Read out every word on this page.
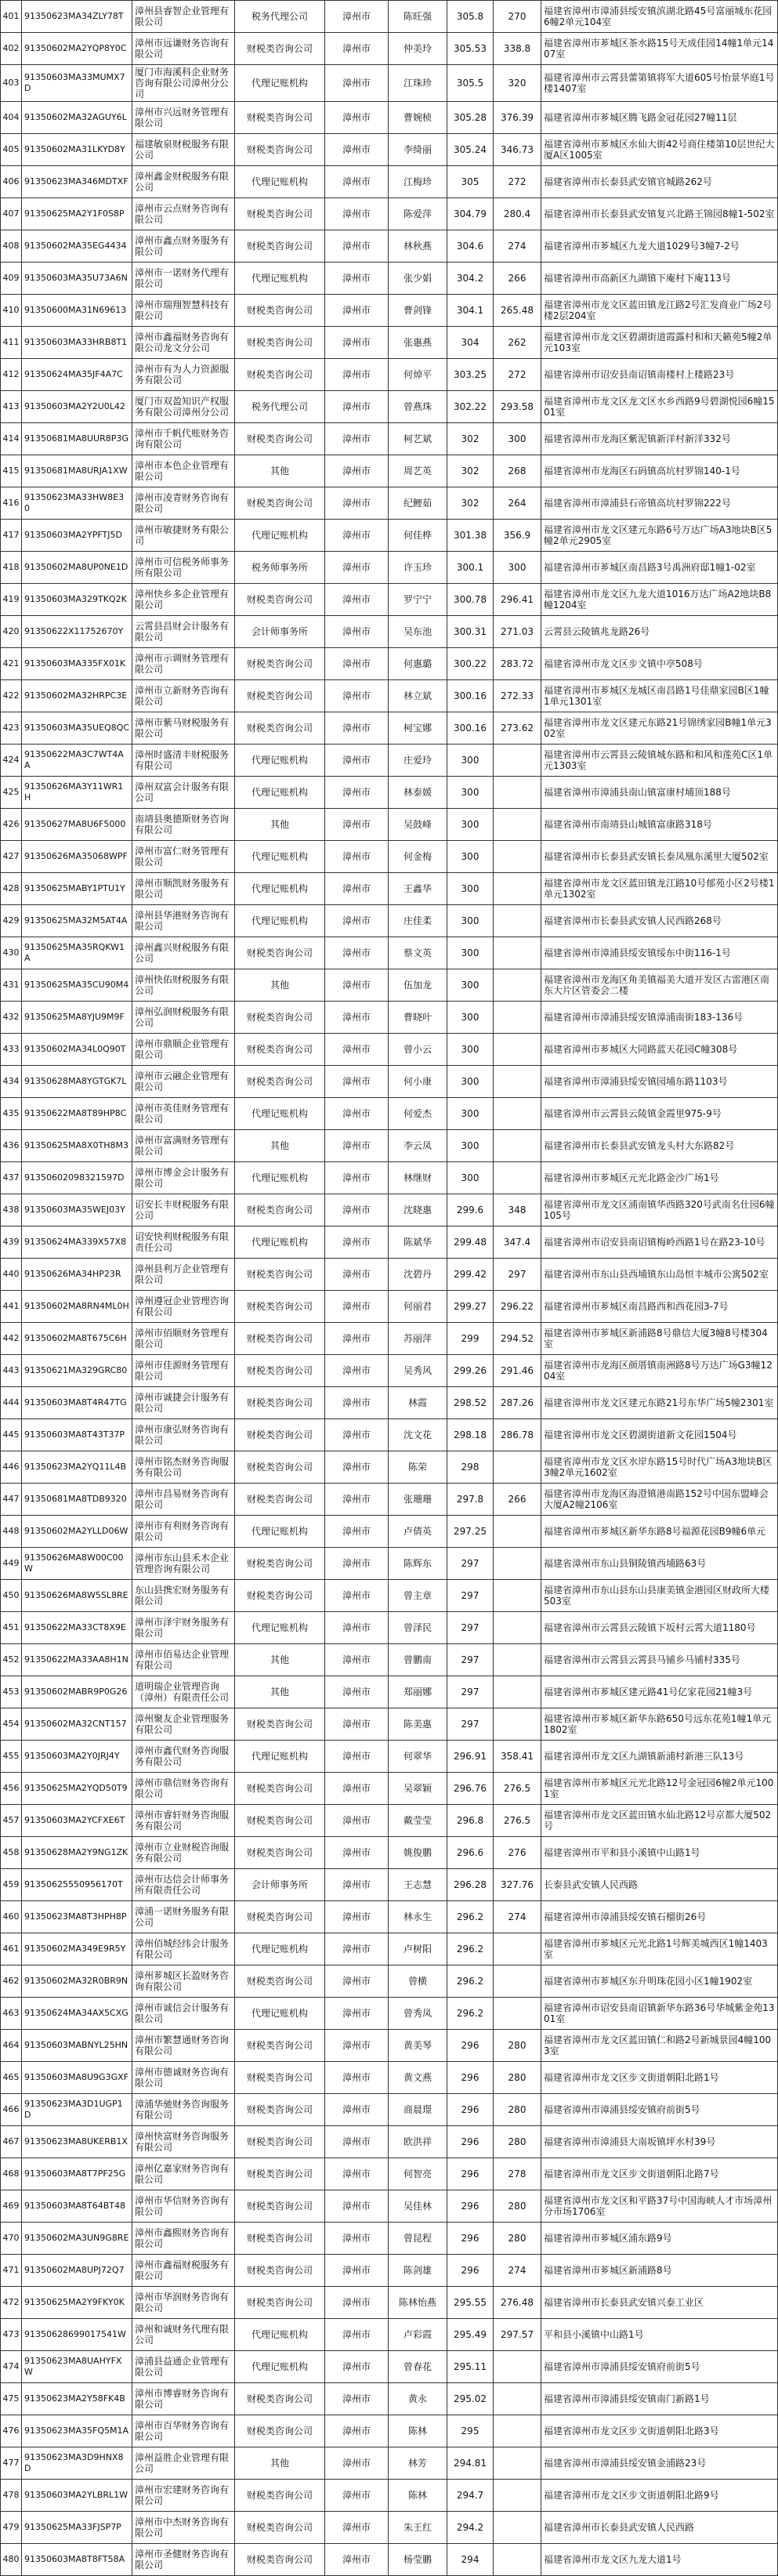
401	91350623MA34ZLY78T	漳州县睿智企业管理有限公司	税务代理公司	漳州市	陈旺强	305.8	270	福建省漳州市漳浦县绥安镇滨湖北路45号富丽城东花园6幢2单元104室
402	91350602MA2YQP8Y0C	漳州市远谦财务咨询有限公司	财税类咨询公司	漳州市	仲美玲	305.53	338.8	福建省漳州市芗城区茶水路15号天成佳园14幢1单元1407室
403	91350603MA33MUMX7D	厦门市海溪科企业财务咨询有限公司漳州分公司	代理记账机构	漳州市	江珠珍	305.5	320	福建省漳州市云霄县蕾第镇将军大道605号怡景华庭1号楼1407室
404	91350602MA32AGUY6L	漳州市兴远财务管理有限公司	财税类咨询公司	漳州市	曹婉桢	305.28	376.39	福建省漳州市芗城区腾飞路金冠花园27幢11层
405	91350602MA31LKYD8Y	福建敏泉财税服务有限公司	财税类咨询公司	漳州市	李绮丽	305.24	346.73	福建省漳州市芗城区水仙大街42号商住楼第10层世纪大厦A区1005室
406	91350623MA346MDTXF	漳州鑫金财税服务有限公司	代理记账机构	漳州市	江梅珍	305	272	福建省漳州市长泰县武安镇官城路262号
407	91350625MA2Y1F0S8P	漳州市云点财务咨询有限公司	财税类咨询公司	漳州市	陈爱萍	304.79	280.4	福建省漳州市长泰县武安镇复兴北路王锦园8幢1-502室
408	91350602MA35EG4434	漳州市鑫点财务服务有限公司	财税类咨询公司	漳州市	林秋燕	304.6	274	福建省漳州市芗城区九龙大道1029号3幢7-2号
409	91350603MA35U73A6N	漳州市一诺财务代理有限公司	代理记账机构	漳州市	张少娟	304.2	266	福建省漳州市高新区九湖镇下庵村下庵113号
410	91350600MA31N69613	漳州市瑞翔智慧科技有限公司	财税类咨询公司	漳州市	曹剑锋	304.1	265.48	福建省漳州市龙文区蓝田镇龙江路2号汇发商业广场2号楼2层204室
411	91350603MA33HRB8T1	漳州市鑫福财务咨询有限公司龙文分公司	财税类咨询公司	漳州市	张惠燕	304	262	福建省漳州市龙文区碧湖街道霞露村和和天籁苑5幢2单元103室
412	91350624MA35JF4A7C	漳州市有为人力资源服务有限公司	财税类咨询公司	漳州市	何焯平	303.25	272	福建省漳州市诏安县南诏镇南楼村上楼路23号
413	91350603MA2Y2U0L42	厦门市双盈知识产权服务有限公司漳州分公司	税务代理公司	漳州市	曾燕珠	302.22	293.58	福建省漳州市龙文区龙文区水乡西路9号碧湖悦园6幢1501室
414	91350681MA8UUR8P3G	漳州市千帆代账财务咨询有限公司	财税类咨询公司	漳州市	柯艺斌	302	300	福建省漳州市龙海区紫泥镇新洋村新洋332号
415	91350681MA8URJA1XW	漳州市本色企业管理有限公司	其他	漳州市	周艺英	302	268	福建省漳州市龙海区石码镇高坑村罗锦140-1号
416	91350623MA33HW8E30	漳州市凌青财务咨询有限公司	财税类咨询公司	漳州市	纪鲤茹	302	264	福建省漳州市漳浦县石帝镇高坑村罗锦222号
417	91350603MA2YPFTJ5D	漳州市敏捷财务有限公司	代理记账机构	漳州市	何佳桦	301.38	356.9	福建省漳州市龙文区建元东路6号万达广场A3地块B区5幢2单元2905室
418	91350602MA8UP0NE1D	漳州市可信税务师事务所有限公司	税务师事务所	漳州市	许玉珍	300.1	300	福建省漳州市芗城区南昌路3号禹洲府邸1幢1-02室
419	91350603MA329TKQ2K	漳州快乡多企业管理有限公司	财税类咨询公司	漳州市	罗宁宁	300.78	296.41	福建省漳州市龙文区九龙大道1016万达广场A2地块B8幢1204室
420	91350622X11752670Y	云霄县昌财会计服务有限公司	会计师事务所	漳州市	吴东池	300.31	271.03	云霄县云陵镇兆龙路26号
421	91350603MA335FX01K	漳州市示调财务管理有限公司	财税类咨询公司	漳州市	何惠璐	300.22	283.72	福建省漳州市龙文区步文镇中亭508号
422	91350602MA32HRPC3E	漳州市立新财务咨询有限公司	财税类咨询公司	漳州市	林立斌	300.16	272.33	福建省漳州市芗城区龙城区南昌路1号佳鼎家园B区1幢1单元1301室
423	91350603MA35UEQ8QC	漳州市紫马财税服务有限公司	财税类咨询公司	漳州市	柯宝娜	300.16	273.62	福建省漳州市龙文区建元东路21号锦绣家园B幢1单元302室
424	91350622MA3C7WT4AA	漳州时盛清丰财税服务有限公司	代理记账机构	漳州市	庄爱玲	300		福建省漳州市云霄县云陵镇城东路和和风和莲苑C区1单元1303室
425	91350626MA3Y11WR1H	漳州双富会计服务有限公司	代理记账机构	漳州市	林泰媛	300		福建省漳州市漳浦县南山镇富康村埔顶188号
426	91350627MA8U6F5000	南靖县奥德斯财务咨询有限公司	其他	漳州市	吴鼓峰	300		福建省漳州市南靖县山城镇富康路318号
427	91350626MA35068WPF	漳州市富仁财务管理有限公司	代理记账机构	漳州市	何金梅	300		福建省漳州市长泰县武安镇长泰凤凰东溪里大厦502室
428	91350625MABY1PTU1Y	漳州市顺凯财务服务有限公司	代理记账机构	漳州市	王鑫华	300		福建省漳州市龙文区蓝田镇龙江路10号郁苑小区2号楼1单元1302室
429	91350625MA32M5AT4A	漳州县华港财务咨询有限公司	代理记账机构	漳州市	庄佳柔	300		福建省漳州市长泰县武安镇人民西路268号
430	91350625MA35RQKW1A	漳州鑫兴财税服务有限公司	财税类咨询公司	漳州市	蔡文英	300		福建省漳州市漳浦县绥安镇绥东中街116-1号
431	91350625MA35CU90M4	漳州快佑财税服务有限公司	其他	漳州市	伍加龙	300		福建省漳州市龙海区角美镇福美大道开发区古雷港区南东大片区管委会二楼
432	91350625MA8YJU9M9F	漳州弘润财税服务有限公司	财税类咨询公司	漳州市	曹晓叶	300		福建省漳州市漳浦县绥安镇漳浦南街183-136号
433	91350602MA34L0Q90T	漳州市鼎顺企业管理有限公司	财税类咨询公司	漳州市	曾小云	300		福建省漳州市芗城区大同路蓝天花园C幢308号
434	91350628MA8YGTGK7L	漳州市云融企业管理有限公司	财税类咨询公司	漳州市	何小康	300		福建省漳州市漳浦县绥安镇园埔东路1103号
435	91350622MA8T89HP8C	漳州市英佳财务管理有限公司	代理记账机构	漳州市	何爱杰	300		福建省漳州市云霄县云陵镇金霞里975-9号
436	91350625MA8X0TH8M3	漳州市富满财务管理有限公司	其他	漳州市	李云凤	300		福建省漳州市长泰县武安镇龙头村大东路82号
437	91350602098321597D	漳州市博金会计服务有限公司	代理记账机构	漳州市	林继财	300		福建省漳州市芗城区元光北路金沙广场1号
438	91350603MA35WEJ03Y	诏安长丰财税服务有限公司	财税类咨询公司	漳州市	沈晓惠	299.6	348	福建省漳州市龙文区浦南镇华西路320号武南名仕园6幢105号
439	91350624MA339X57X8	诏安快利财税服务有限责任公司	代理记账机构	漳州市	陈斌华	299.48	347.4	福建省漳州市诏安县南诏镇梅岭西路1号在路23-10号
440	91350626MA34HP23R	漳州县利万企业管理有限公司	财税类咨询公司	漳州市	沈碧丹	299.42	297	福建省漳州市东山县西埔镇东山岛恒丰城市公寓502室
441	91350602MA8RN4ML0H	漳州遵冠企业管理咨询有限公司	财税类咨询公司	漳州市	何丽君	299.27	296.22	福建省漳州市芗城区南昌路西和西花园3-7号
442	91350602MA8T675C6H	漳州市佰顺财务管理有限公司	财税类咨询公司	漳州市	苏丽萍	299	294.52	福建省漳州市芗城区新浦路8号鼎信大厦3幢8号楼304室
443	91350621MA329GRC80	漳州市佳源财务管理有限公司	财税类咨询公司	漳州市	吴秀风	299.26	291.46	福建省漳州市龙海区颜厝镇南洲路8号万达广场G3幢1204室
444	91350603MA8T4R47TG	漳州市诚捷会计服务有限公司	财税类咨询公司	漳州市	林霞	298.52	287.26	福建省漳州市龙文区建元东路21号东华广场5幢2301室
445	91350603MA8T43T37P	漳州市康弘财务咨询有限公司	财税类咨询公司	漳州市	沈文花	298.18	286.78	福建省漳州市龙文区碧湖街道新文花园1504号
446	91350623MA2YQ11L4B	漳州市铭杰财务咨询服务有限公司	财税类咨询公司	漳州市	陈荣	298		福建省漳州市龙文区水岸东路15号时代广场A3地块B区3幢2单元1602室
447	91350681MA8TDB9320	漳州市昌易财务咨询有限公司	财税类咨询公司	漳州市	张珊珊	297.8	266	福建省漳州市龙海区海澄镇港南路152号中国东盟峰会大厦A2幢2106室
448	91350602MA2YLLD06W	漳州市有利财务咨询有限公司	代理记账机构	漳州市	卢倩英	297.25		福建省漳州市芗城区新华东路8号福源花园B9幢6单元
449	91350626MA8W00C00W	漳州市东山县禾木企业管理咨询有限公司	财税类咨询公司	漳州市	陈辉东	297		福建省漳州市东山县铜陵镇西埔路63号
450	91350626MA8W5SL8RE	东山县携宏财务服务有限公司	财税类咨询公司	漳州市	曾主章	297		福建省漳州市东山县东山县康美镇金港园区财政所大楼503室
451	91350622MA33CT8X9E	漳州市泽宇财务服务有限公司	代理记账机构	漳州市	曾泽民	297		福建省漳州市云霄县云陵镇下坂村云霄大道1180号
452	91350622MA33AA8H1N	漳州市佰易达企业管理有限公司	其他	漳州市	曾鹏南	297		福建省漳州市云霄县云霄县马铺乡马铺村335号
453	91350602MABR9P0G26	道明瑞企业管理咨询（漳州）有限责任公司	其他	漳州市	郑丽娜	297		福建省漳州市芗城区建元路41号亿家花园21幢3号
454	91350602MA32CNT157	漳州聚友企业管理服务有限公司	财税类咨询公司	漳州市	陈美惠	297		福建省漳州市芗城区新华东路650号远东花苑1幢1单元1802室
455	91350603MA2Y0JRJ4Y	漳州市鑫代财务咨询服务有限公司	代理记账机构	漳州市	何翠华	296.91	358.41	福建省漳州市龙文区九湖镇新浦村新港三队13号
456	91350625MA2YQD50T9	漳州市鼎信财务咨询有限公司	财税类咨询公司	漳州市	吴翠颖	296.76	276.5	福建省漳州市芗城区元光北路12号金冠园6幢2单元1001室
457	91350603MA2YCFXE6T	漳州市睿轩财务咨询服务有限公司	财税类咨询公司	漳州市	戴莹莹	296.8	276.5	福建省漳州市龙文区蓝田镇水仙北路12号京都大厦502号
458	91350628MA2Y9NG1ZK	漳州市立业财税咨询服务有限公司	财税类咨询公司	漳州市	姚俊鹏	296.6	276	福建省漳州市平和县小溪镇中山路1号
459	91350625550956170T	漳州市达信会计师事务所有限责任公司	会计师事务所	漳州市	王志慧	296.28	327.76	长泰县武安镇人民西路
460	91350623MA8T3HPH8P	漳浦一诺财务服务有限公司	财税类咨询公司	漳州市	林永生	296.2	274	福建省漳州市漳浦县绥安镇石榴街26号
461	91350602MA349E9R5Y	漳州佰城经纬会计服务有限公司	代理记账机构	漳州市	卢树阳	296.2		福建省漳州市芗城区元光北路1号辉美城西区1幢1403室
462	91350602MA32R0BR9N	漳州芗城区长盈财务咨询有限公司	财税类咨询公司	漳州市	曾横	296.2		福建省漳州市芗城区东升明珠花园小区1幢1902室
463	91350624MA34AX5CXG	漳州市诚信会计服务有限公司	代理记账机构	漳州市	曾秀凤	296.2		福建省漳州市诏安县南诏镇新华东路36号华城紫金苑1301室
464	91350603MABNYL25HN	漳州市繁慧通财务咨询有限公司	财税类咨询公司	漳州市	黄美琴	296	280	福建省漳州市龙文区蓝田镇仁和路2号新城景园4幢1003室
465	91350603MA8U9G3GXF	漳州市德诚财务咨询有限公司	财税类咨询公司	漳州市	黄文燕	296	280	福建省漳州市龙文区步文街道朝阳北路1号
466	91350623MA3D1UGP1D	漳浦华驰财务咨询服务有限公司	财税类咨询公司	漳州市	商晨璟	296	280	福建省漳州市漳浦县绥安镇府前街5号
467	91350623MA8UKERB1X	漳州快富财务咨询服务有限公司	财税类咨询公司	漳州市	欧洪祥	296	280	福建省漳州市漳浦县大南坂镇坪水村39号
468	91350603MA8T7PF25G	漳州亿嘉家财务咨询有限公司	财税类咨询公司	漳州市	何智亮	296	278	福建省漳州市龙文区步文街道朝阳北路7号
469	91350603MA8T64BT48	漳州市华信财务咨询有限公司	财税类咨询公司	漳州市	吴佳林	296	280	福建省漳州市龙文区和平路37号中国海峡人才市场漳州分市场1706室
470	91350602MA3UN9G8RE	漳州市鑫熙财务咨询有限公司	财税类咨询公司	漳州市	曾昆程	296	280	福建省漳州市芗城区浦东路9号
471	91350602MA8UPJ72Q7	漳州市鑫福财税服务有限公司	财税类咨询公司	漳州市	陈剑雄	296	274	福建省漳州市芗城区新浦路8号
472	91350625MA2Y9FKY0K	漳州市华润财务咨询有限公司	财税类咨询公司	漳州市	陈林怡燕	295.55	276.48	福建省漳州市长泰县武安镇兴泰工业区
473	91350628699017541W	漳州和诚财务代理有限公司	代理记账机构	漳州市	卢彩霞	295.49	297.57	平和县小溪镇中山路1号
474	91350623MA8UAHYFXW	漳浦县益通企业管理有限公司	代理记账机构	漳州市	曾春花	295.11		福建省漳州市漳浦县绥安镇府前街5号
475	91350623MA2Y58FK4B	漳州市博睿财务咨询有限公司	财税类咨询公司	漳州市	黄永	295.02		福建省漳州市漳浦县绥安镇南门新路1号
476	91350623MA35FQ5M1A	漳州市百华财务咨询有限公司	财税类咨询公司	漳州市	陈林	295		福建省漳州市龙文区步文街道朝阳北路3号
477	91350623MA3D9HNX8D	漳州益胜企业管理有限公司	其他	漳州市	林芳	294.81		福建省漳州市漳浦县绥安镇金浦路23号
478	91350603MA2YLBRL1W	漳州市宏建财务咨询有限公司	财税类咨询公司	漳州市	陈林	294.7		福建省漳州市龙文区步文街道朝阳北路9号
479	91350625MA33FJSP7P	漳州市中杰财务咨询有限公司	财税类咨询公司	漳州市	朱王红	294.2		福建省漳州市长泰县武安镇人民西路
480	91350603MA8T8FT58A	漳州市圣健财务咨询有限公司	财税类咨询公司	漳州市	杨莹鹏	294		福建省漳州市龙文区九龙大道1号
